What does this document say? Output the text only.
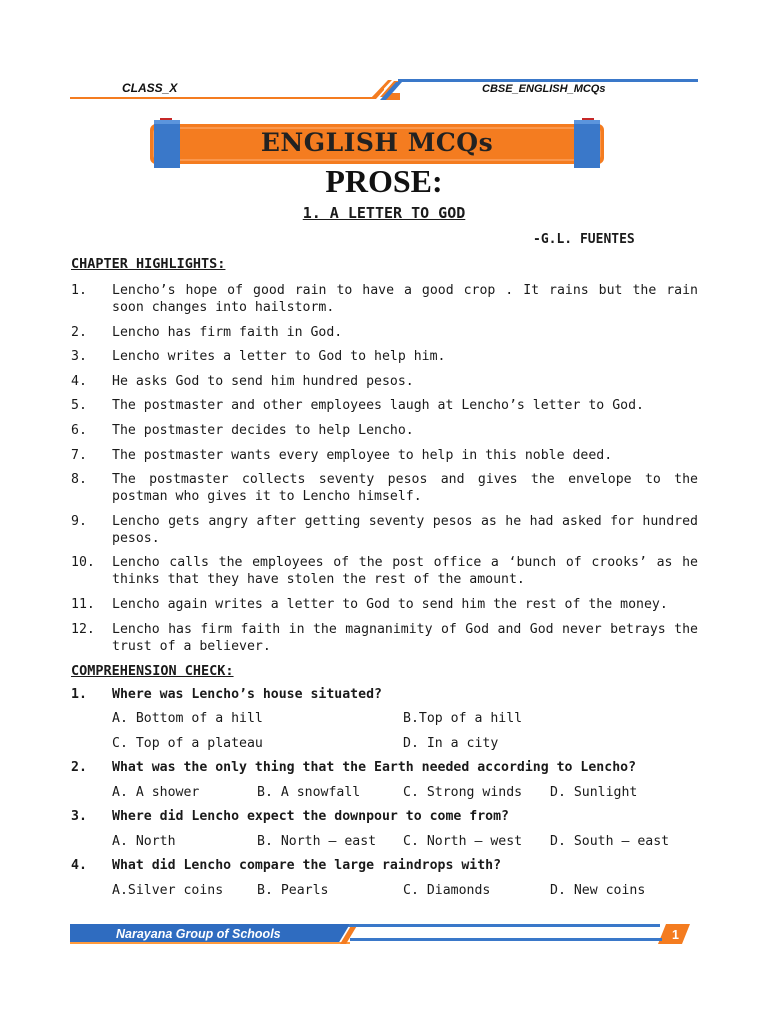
CLASS_X	CBSE_ENGLISH_MCQs
ENGLISH MCQs
PROSE:
1. A LETTER TO GOD
-G.L. FUENTES
CHAPTER HIGHLIGHTS:
1.	Lencho’s hope of good rain to have a good crop . It rains but the rain soon changes into hailstorm.
2.	Lencho has firm faith in God.
3.	Lencho writes a letter to God to help him.
4.	He asks God to send him hundred pesos.
5.	The postmaster and other employees laugh at Lencho’s letter to God.
6.	The postmaster decides to help Lencho.
7.	The postmaster wants every employee to help in this noble deed.
8.	The postmaster collects seventy pesos and gives the envelope to the postman who gives it to Lencho himself.
9.	Lencho gets angry after getting seventy pesos as he had asked for hundred pesos.
10.	Lencho calls the employees of the post office a ‘bunch of crooks’ as he thinks that they have stolen the rest of the amount.
11.	Lencho again writes a letter to God to send him the rest of the money.
12.	Lencho has firm faith in the magnanimity of God and God never betrays the trust of a believer.
COMPREHENSION CHECK:
1.	Where was Lencho’s house situated?
A. Bottom of a hill	B.Top of a hill
C. Top of a plateau	D. In a city
2.	What was the only thing that the Earth needed according to Lencho?
A. A shower	B. A snowfall	C. Strong winds D. Sunlight
3.	Where did Lencho expect the downpour to come from?
A. North	B. North – east C. North – west D. South – east
4.	What did Lencho compare the large raindrops with?
A.Silver coins	B. Pearls	C. Diamonds	D. New coins
Narayana Group of Schools	1
